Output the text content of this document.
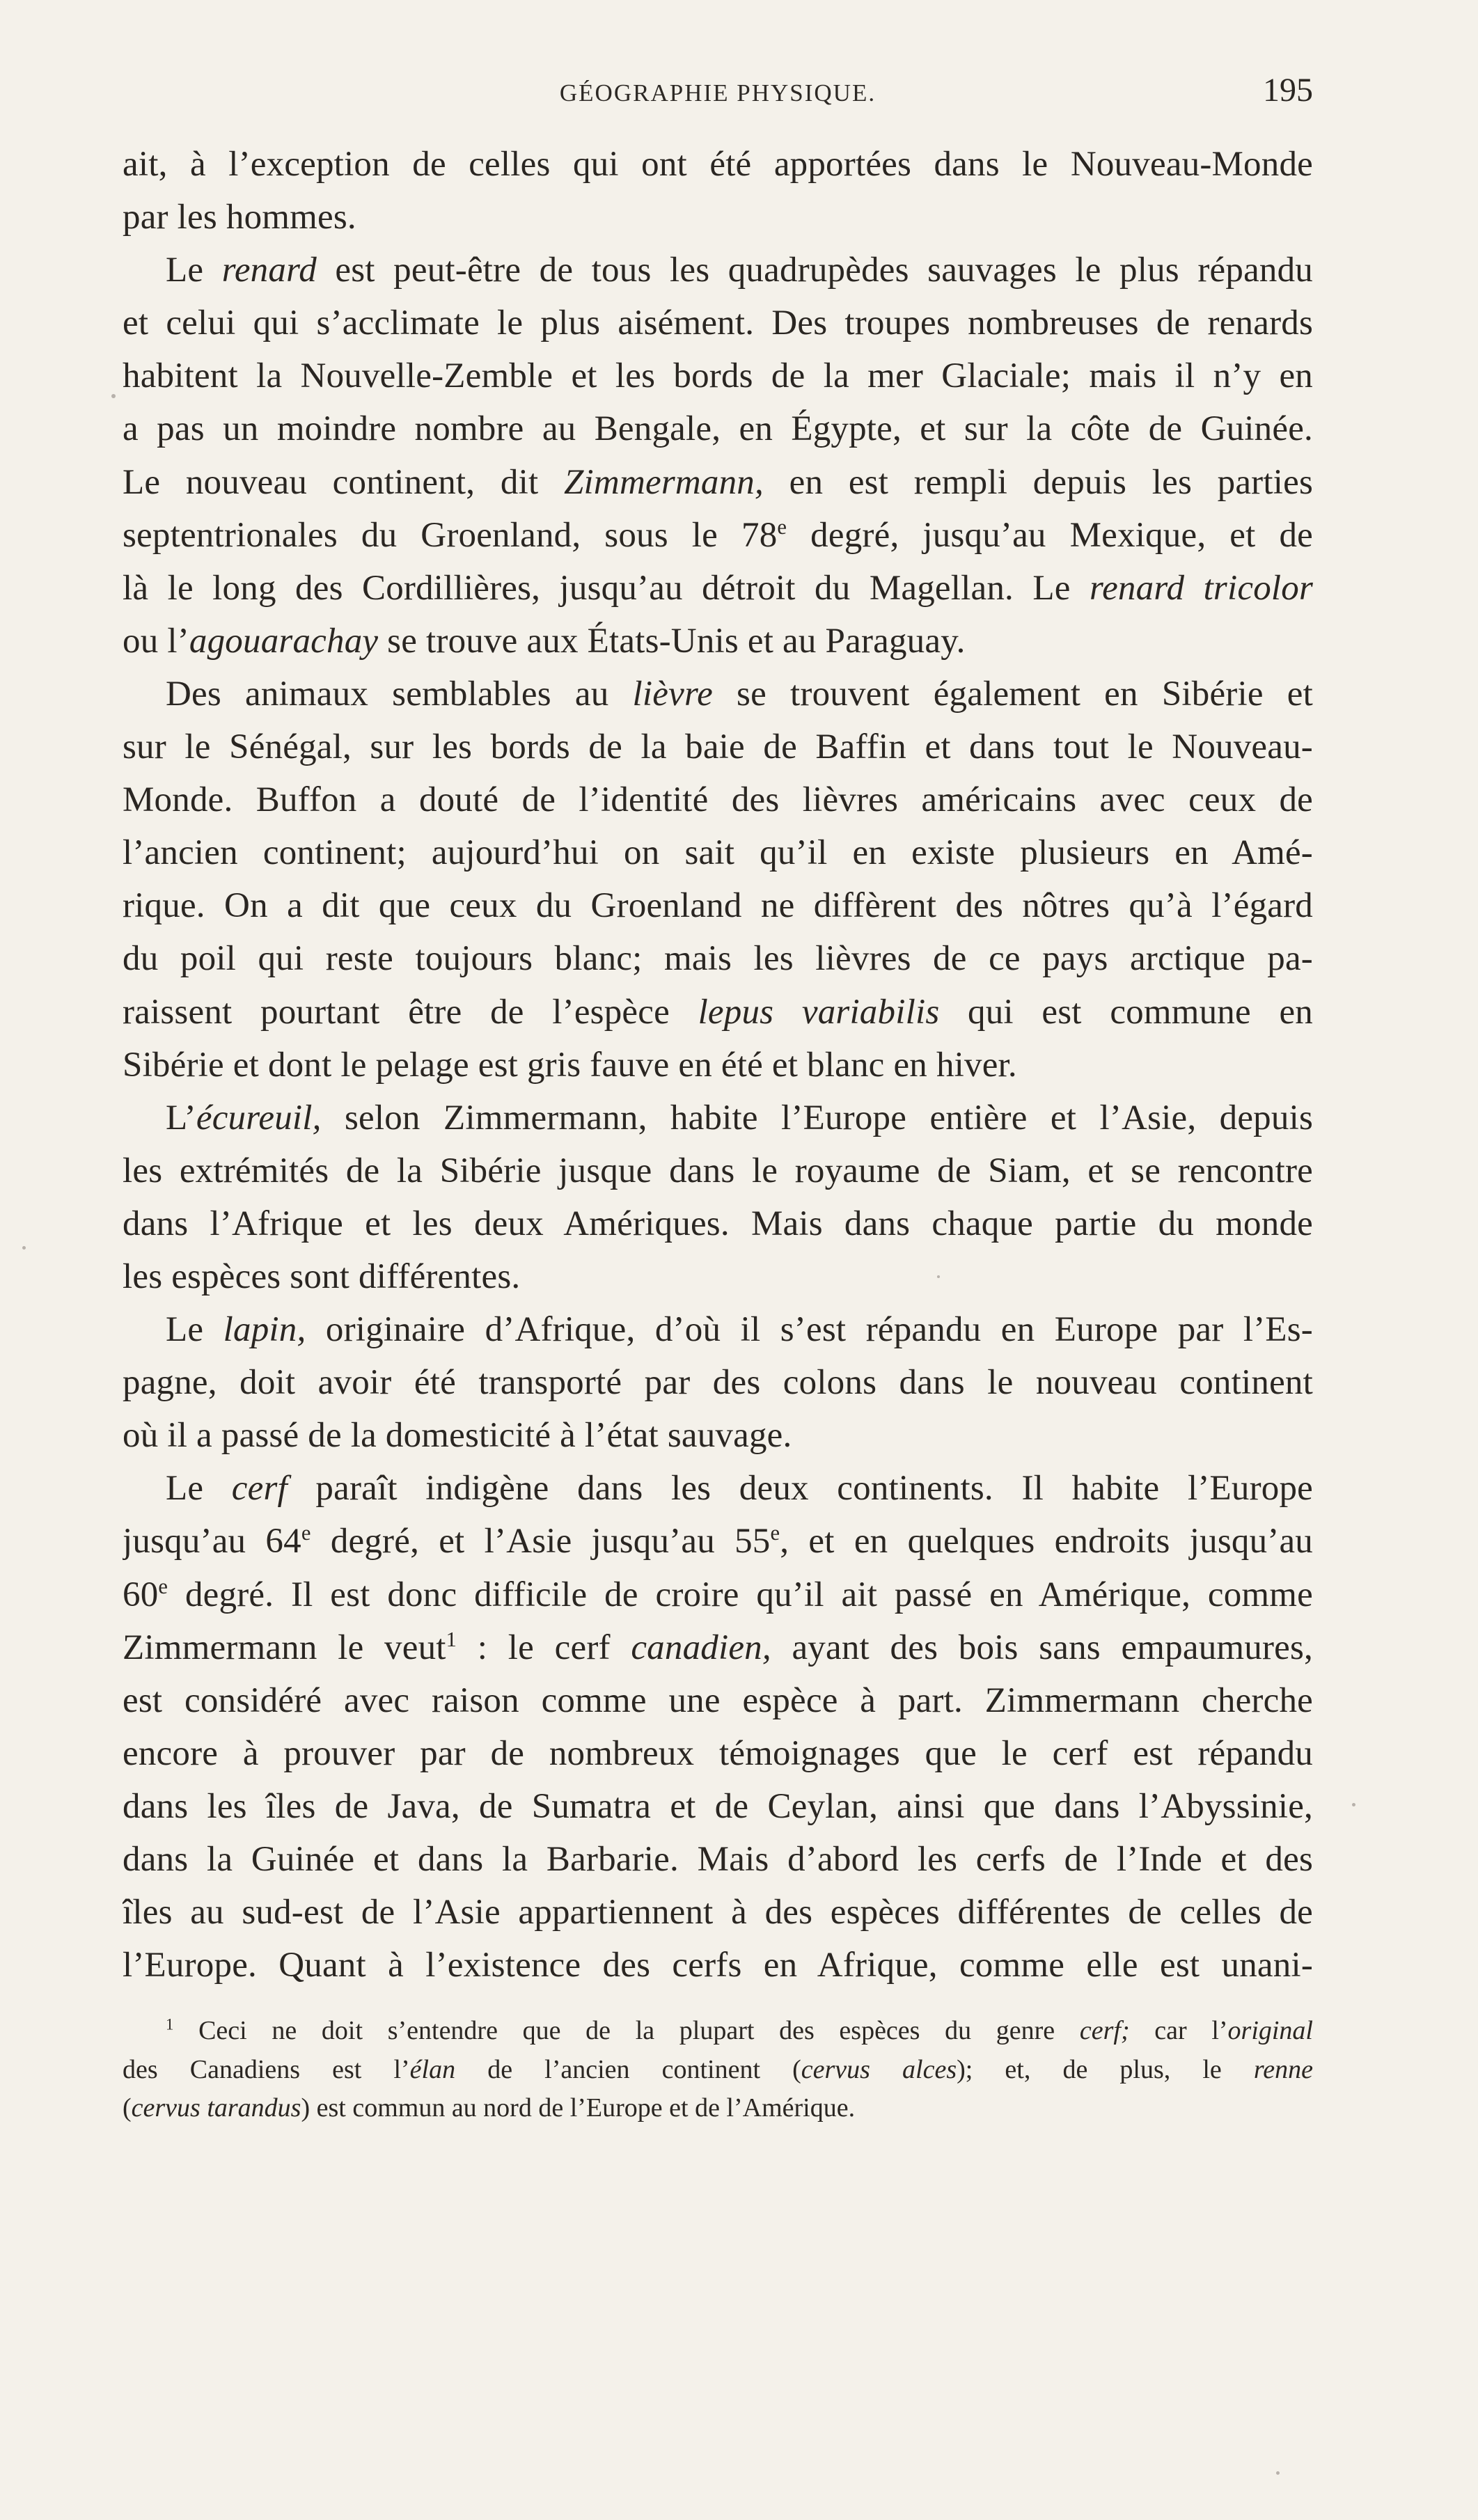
GÉOGRAPHIE PHYSIQUE.	195
ait, à l’exception de celles qui ont été apportées dans le Nouveau-Monde
par les hommes.
Le renard est peut-être de tous les quadrupèdes sauvages le plus répandu
et celui qui s’acclimate le plus aisément. Des troupes nombreuses de renards
habitent la Nouvelle-Zemble et les bords de la mer Glaciale; mais il n’y en
a pas un moindre nombre au Bengale, en Égypte, et sur la côte de Guinée.
Le nouveau continent, dit Zimmermann, en est rempli depuis les parties
septentrionales du Groenland, sous le 78e degré, jusqu’au Mexique, et de
là le long des Cordillières, jusqu’au détroit du Magellan. Le renard tricolor
ou l’agouarachay se trouve aux États-Unis et au Paraguay.
Des animaux semblables au lièvre se trouvent également en Sibérie et
sur le Sénégal, sur les bords de la baie de Baffin et dans tout le Nouveau-
Monde. Buffon a douté de l’identité des lièvres américains avec ceux de
l’ancien continent; aujourd’hui on sait qu’il en existe plusieurs en Amé-
rique. On a dit que ceux du Groenland ne diffèrent des nôtres qu’à l’égard
du poil qui reste toujours blanc; mais les lièvres de ce pays arctique pa-
raissent pourtant être de l’espèce lepus variabilis qui est commune en
Sibérie et dont le pelage est gris fauve en été et blanc en hiver.
L’écureuil, selon Zimmermann, habite l’Europe entière et l’Asie, depuis
les extrémités de la Sibérie jusque dans le royaume de Siam, et se rencontre
dans l’Afrique et les deux Amériques. Mais dans chaque partie du monde
les espèces sont différentes.
Le lapin, originaire d’Afrique, d’où il s’est répandu en Europe par l’Es-
pagne, doit avoir été transporté par des colons dans le nouveau continent
où il a passé de la domesticité à l’état sauvage.
Le cerf paraît indigène dans les deux continents. Il habite l’Europe
jusqu’au 64e degré, et l’Asie jusqu’au 55e, et en quelques endroits jusqu’au
60e degré. Il est donc difficile de croire qu’il ait passé en Amérique, comme
Zimmermann le veut$^1$ : le cerf canadien, ayant des bois sans empaumures,
est considéré avec raison comme une espèce à part. Zimmermann cherche
encore à prouver par de nombreux témoignages que le cerf est répandu
dans les îles de Java, de Sumatra et de Ceylan, ainsi que dans l’Abyssinie,
dans la Guinée et dans la Barbarie. Mais d’abord les cerfs de l’Inde et des
îles au sud-est de l’Asie appartiennent à des espèces différentes de celles de
l’Europe. Quant à l’existence des cerfs en Afrique, comme elle est unani-
$^1$ Ceci ne doit s’entendre que de la plupart des espèces du genre cerf; car l’original
des Canadiens est l’élan de l’ancien continent (cervus alces); et, de plus, le renne
(cervus tarandus) est commun au nord de l’Europe et de l’Amérique.
